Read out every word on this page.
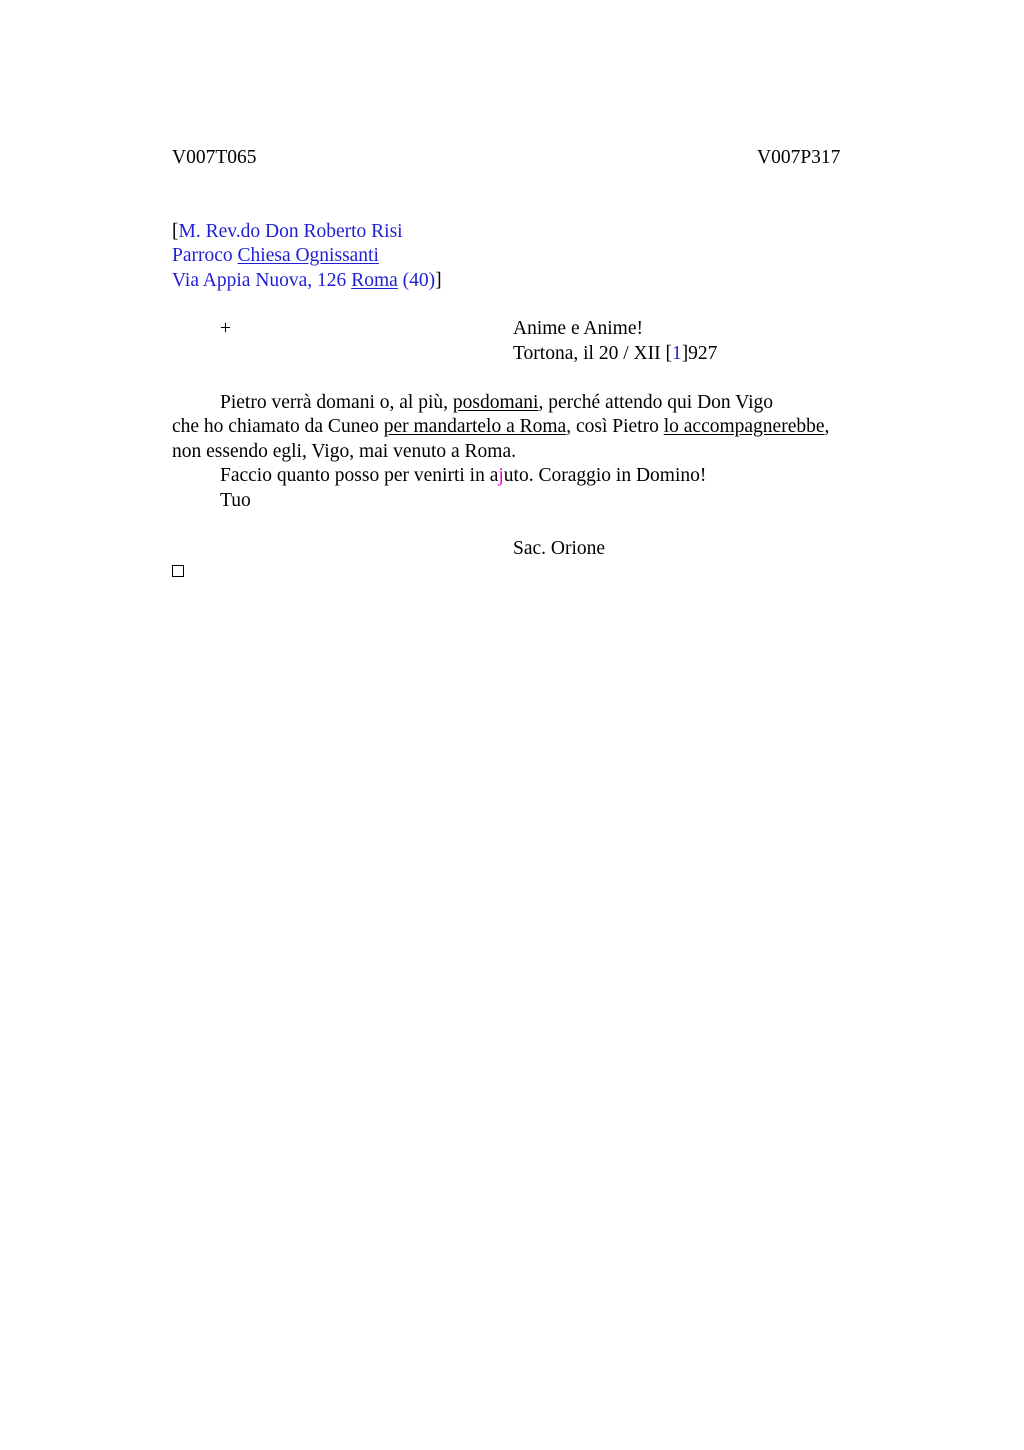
V007T065	V007P317
[M. Rev.do Don Roberto Risi
Parroco Chiesa Ognissanti
Via Appia Nuova, 126 Roma (40)]
+	Anime e Anime!
Tortona, il 20 / XII [1]927
Pietro verrà domani o, al più, posdomani, perché attendo qui Don Vigo
che ho chiamato da Cuneo per mandartelo a Roma, così Pietro lo accompagnerebbe,
non essendo egli, Vigo, mai venuto a Roma.
Faccio quanto posso per venirti in ajuto. Coraggio in Domino!
Tuo
Sac. Orione
